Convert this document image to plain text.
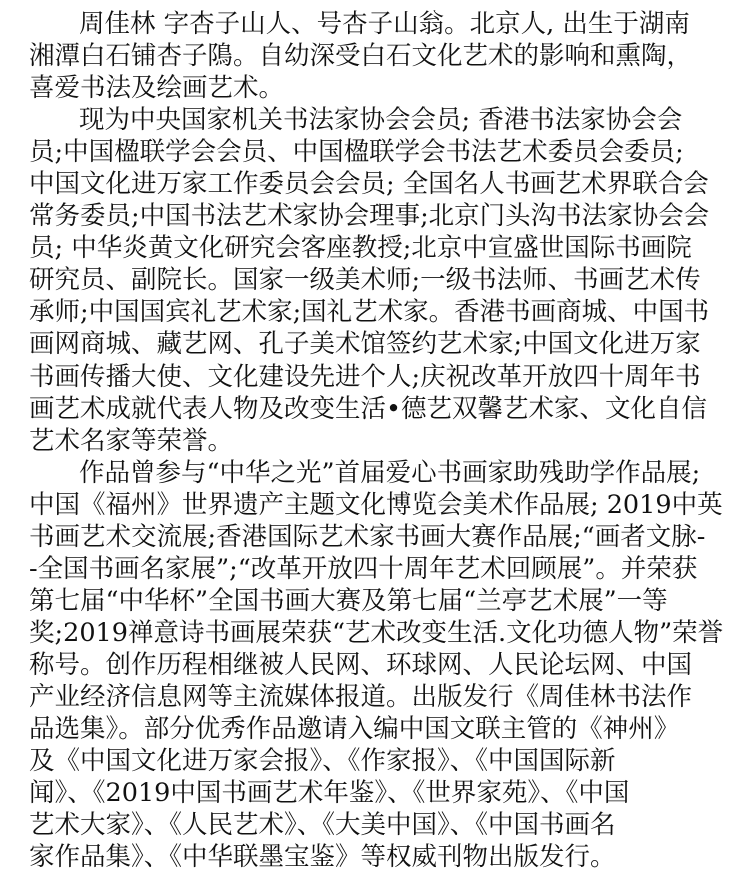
周佳林 字杏子山人、号杏子山翁。北京人, 出生于湖南
湘潭白石铺杏子隝。自幼深受白石文化艺术的影响和熏陶，
喜爱书法及绘画艺术。
现为中央国家机关书法家协会会员; 香港书法家协会会
员;中国楹联学会会员、中国楹联学会书法艺术委员会委员;
中国文化进万家工作委员会会员; 全国名人书画艺术界联合会
常务委员;中国书法艺术家协会理事;北京门头沟书法家协会会
员; 中华炎黄文化研究会客座教授;北京中宣盛世国际书画院
研究员、副院长。国家一级美术师;一级书法师、书画艺术传
承师;中国国宾礼艺术家;国礼艺术家。香港书画商城、中国书
画网商城、藏艺网、孔子美术馆签约艺术家;中国文化进万家
书画传播大使、文化建设先进个人;庆祝改革开放四十周年书
画艺术成就代表人物及改变生活•德艺双馨艺术家、文化自信
艺术名家等荣誉。
作品曾参与“中华之光”首届爱心书画家助残助学作品展;
中国《福州》世界遗产主题文化博览会美术作品展; 2019中英
书画艺术交流展;香港国际艺术家书画大赛作品展;“画者文脉-
-全国书画名家展”;“改革开放四十周年艺术回顾展”。并荣获
第七届“中华杯”全国书画大赛及第七届“兰亭艺术展”一等
奖;2019禅意诗书画展荣获“艺术改变生活.文化功德人物”荣誉
称号。创作历程相继被人民网、环球网、人民论坛网、中国
产业经济信息网等主流媒体报道。出版发行《周佳林书法作
品选集》。部分优秀作品邀请入编中国文联主管的《神州》
及《中国文化进万家会报》、《作家报》、《中国国际新
闻》、《2019中国书画艺术年鉴》、《世界家苑》、《中国
艺术大家》、《人民艺术》、《大美中国》、《中国书画名
家作品集》、《中华联墨宝鉴》等权威刊物出版发行。
